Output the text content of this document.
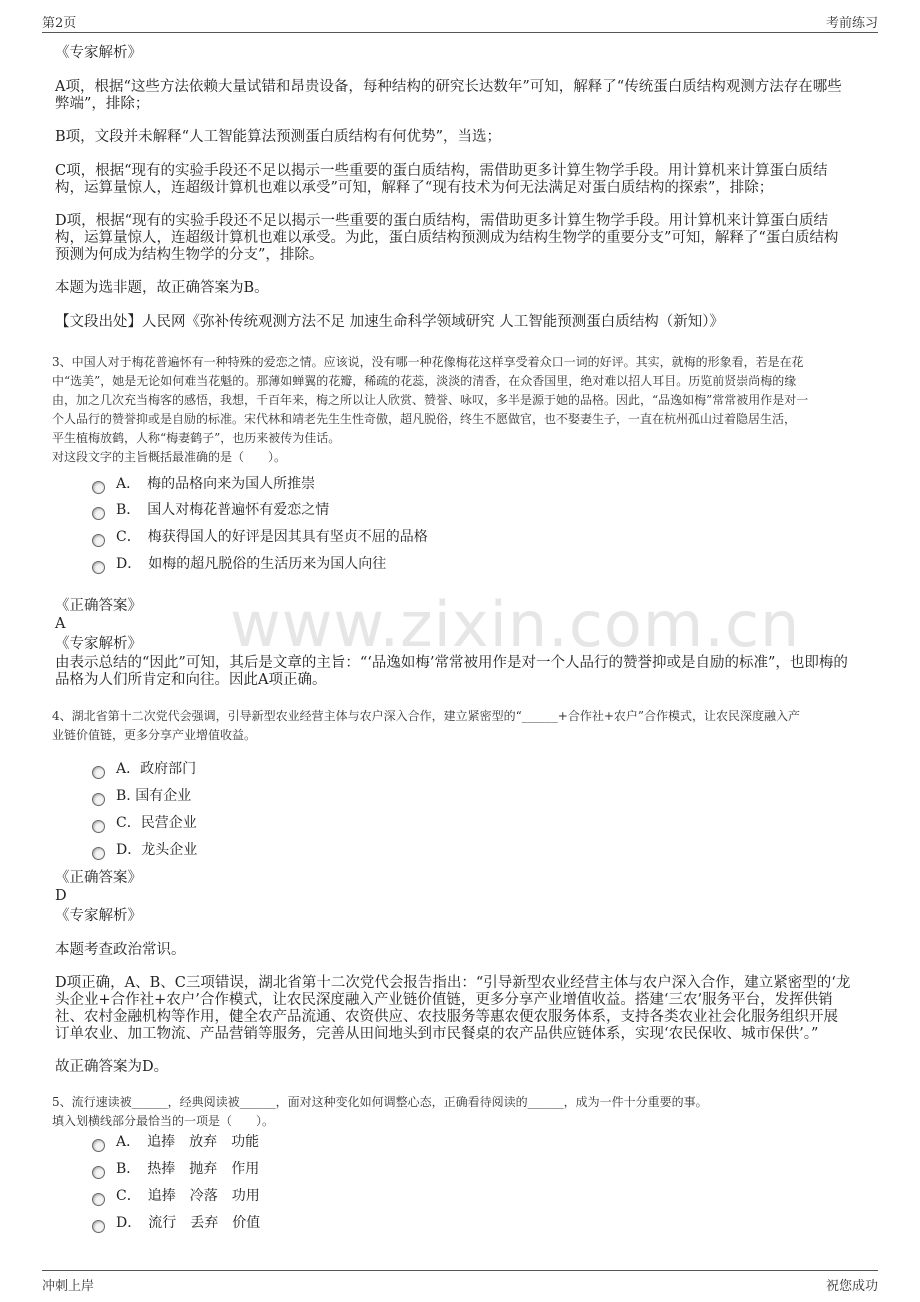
第2页	考前练习
www.zixin.com.cn
《专家解析》
A项，根据“这些方法依赖大量试错和昂贵设备，每种结构的研究长达数年”可知，解释了“传统蛋白质结构观测方法存在哪些
弊端”，排除；
B项，文段并未解释“人工智能算法预测蛋白质结构有何优势”，当选；
C项，根据“现有的实验手段还不足以揭示一些重要的蛋白质结构，需借助更多计算生物学手段。用计算机来计算蛋白质结
构，运算量惊人，连超级计算机也难以承受”可知，解释了“现有技术为何无法满足对蛋白质结构的探索”，排除；
D项，根据“现有的实验手段还不足以揭示一些重要的蛋白质结构，需借助更多计算生物学手段。用计算机来计算蛋白质结
构，运算量惊人，连超级计算机也难以承受。为此，蛋白质结构预测成为结构生物学的重要分支”可知，解释了“蛋白质结构
预测为何成为结构生物学的分支”，排除。
本题为选非题，故正确答案为B。
【文段出处】人民网《弥补传统观测方法不足 加速生命科学领域研究 人工智能预测蛋白质结构（新知）》
3、中国人对于梅花普遍怀有一种特殊的爱恋之情。应该说，没有哪一种花像梅花这样享受着众口一词的好评。其实，就梅的形象看，若是在花
中“选美”，她是无论如何难当花魁的。那薄如蝉翼的花瓣，稀疏的花蕊，淡淡的清香，在众香国里，绝对难以招人耳目。历览前贤崇尚梅的缘
由，加之几次充当梅客的感悟，我想，千百年来，梅之所以让人欣赏、赞誉、咏叹，多半是源于她的品格。因此，“品逸如梅”常常被用作是对一
个人品行的赞誉抑或是自励的标准。宋代林和靖老先生生性奇傲，超凡脱俗，终生不愿做官，也不娶妻生子，一直在杭州孤山过着隐居生活，
平生植梅放鹤，人称“梅妻鹤子”，也历来被传为佳话。
对这段文字的主旨概括最准确的是（　　）。
A．　梅的品格向来为国人所推崇
B．　国人对梅花普遍怀有爱恋之情
C．　梅获得国人的好评是因其具有坚贞不屈的品格
D．　如梅的超凡脱俗的生活历来为国人向往
《正确答案》
A
《专家解析》
由表示总结的“因此”可知，其后是文章的主旨：“‘品逸如梅’常常被用作是对一个人品行的赞誉抑或是自励的标准”，也即梅的
品格为人们所肯定和向往。因此A项正确。
4、湖北省第十二次党代会强调，引导新型农业经营主体与农户深入合作，建立紧密型的“______+合作社+农户”合作模式，让农民深度融入产
业链价值链，更多分享产业增值收益。
A．政府部门
B. 国有企业
C．民营企业
D．龙头企业
《正确答案》
D
《专家解析》
本题考查政治常识。
D项正确，A、B、C三项错误，湖北省第十二次党代会报告指出：“引导新型农业经营主体与农户深入合作，建立紧密型的‘龙
头企业+合作社+农户’合作模式，让农民深度融入产业链价值链，更多分享产业增值收益。搭建‘三农’服务平台，发挥供销
社、农村金融机构等作用，健全农产品流通、农资供应、农技服务等惠农便农服务体系，支持各类农业社会化服务组织开展
订单农业、加工物流、产品营销等服务，完善从田间地头到市民餐桌的农产品供应链体系，实现‘农民保收、城市保供’。”
故正确答案为D。
5、流行速读被______，经典阅读被______，面对这种变化如何调整心态，正确看待阅读的______，成为一件十分重要的事。
填入划横线部分最恰当的一项是（　　）。
A．　追捧　放弃　功能
B．　热捧　抛弃　作用
C．　追捧　冷落　功用
D．　流行　丢弃　价值
冲刺上岸	祝您成功
